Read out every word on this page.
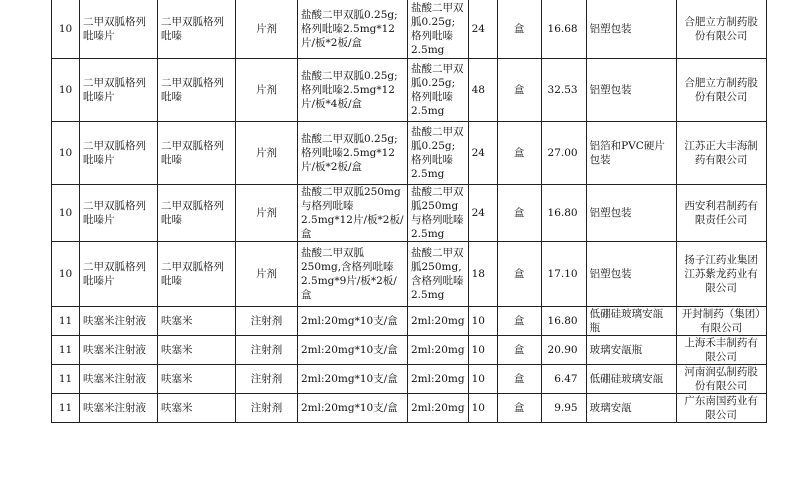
10	二甲双胍格列吡嗪片	二甲双胍格列吡嗪	片剂	盐酸二甲双胍0.25g;格列吡嗪2.5mg*12片/板*2板/盒	盐酸二甲双胍0.25g;格列吡嗪2.5mg	24	盒	16.68	铝塑包装	合肥立方制药股份有限公司
10	二甲双胍格列吡嗪片	二甲双胍格列吡嗪	片剂	盐酸二甲双胍0.25g;格列吡嗪2.5mg*12片/板*4板/盒	盐酸二甲双胍0.25g;格列吡嗪2.5mg	48	盒	32.53	铝塑包装	合肥立方制药股份有限公司
10	二甲双胍格列吡嗪片	二甲双胍格列吡嗪	片剂	盐酸二甲双胍0.25g;格列吡嗪2.5mg*12片/板*2板/盒	盐酸二甲双胍0.25g;格列吡嗪2.5mg	24	盒	27.00	铝箔和PVC硬片包装	江苏正大丰海制药有限公司
10	二甲双胍格列吡嗪片	二甲双胍格列吡嗪	片剂	盐酸二甲双胍250mg与格列吡嗪2.5mg*12片/板*2板/盒	盐酸二甲双胍250mg与格列吡嗪2.5mg	24	盒	16.80	铝塑包装	西安利君制药有限责任公司
10	二甲双胍格列吡嗪片	二甲双胍格列吡嗪	片剂	盐酸二甲双胍250mg,含格列吡嗪2.5mg*9片/板*2板/盒	盐酸二甲双胍250mg,含格列吡嗪2.5mg	18	盒	17.10	铝塑包装	扬子江药业集团江苏紫龙药业有限公司
11	呋塞米注射液	呋塞米	注射剂	2ml:20mg*10支/盒	2ml:20mg	10	盒	16.80	低硼硅玻璃安瓿瓶	开封制药（集团）有限公司
11	呋塞米注射液	呋塞米	注射剂	2ml:20mg*10支/盒	2ml:20mg	10	盒	20.90	玻璃安瓿瓶	上海禾丰制药有限公司
11	呋塞米注射液	呋塞米	注射剂	2ml:20mg*10支/盒	2ml:20mg	10	盒	6.47	低硼硅玻璃安瓿	河南润弘制药股份有限公司
11	呋塞米注射液	呋塞米	注射剂	2ml:20mg*10支/盒	2ml:20mg	10	盒	9.95	玻璃安瓿	广东南国药业有限公司
